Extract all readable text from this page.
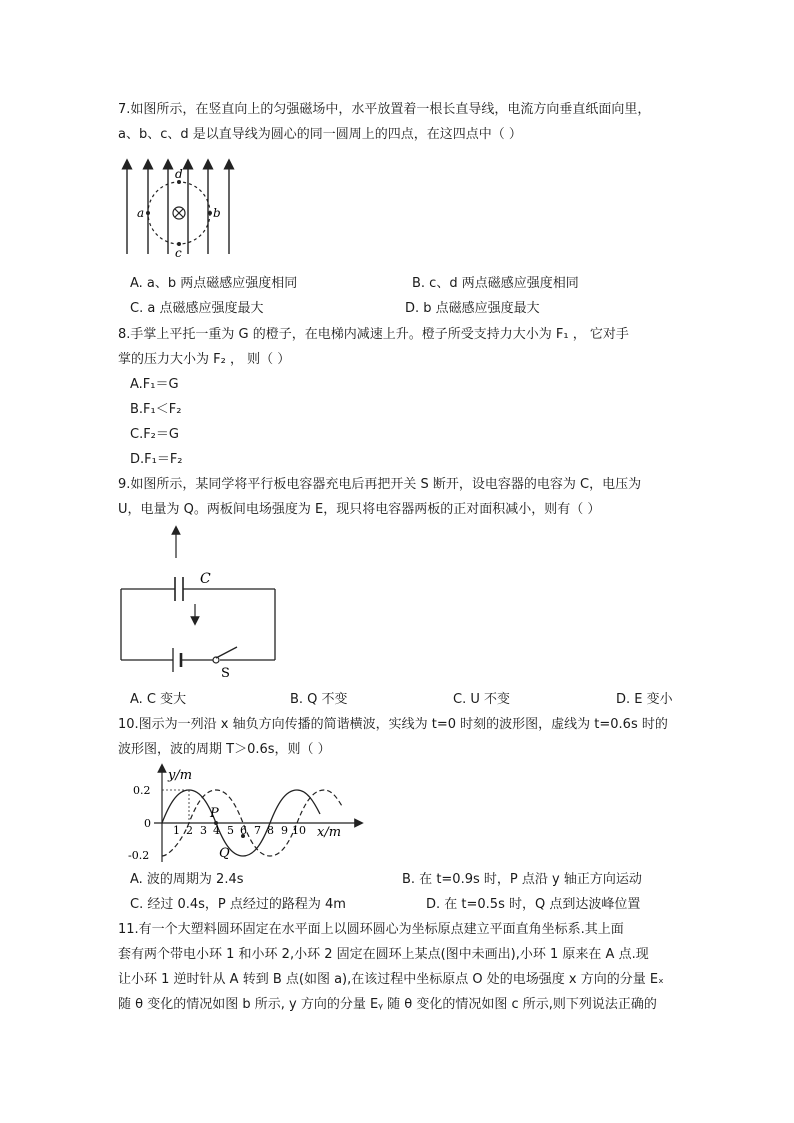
7.如图所示，在竖直向上的匀强磁场中，水平放置着一根长直导线，电流方向垂直纸面向里，
a、b、c、d 是以直导线为圆心的同一圆周上的四点，在这四点中（ ）
a	b
c
d
A. a、b 两点磁感应强度相同	B. c、d 两点磁感应强度相同
C. a 点磁感应强度最大	D. b 点磁感应强度最大
8.手掌上平托一重为 G 的橙子，在电梯内减速上升。橙子所受支持力大小为 F₁ ， 它对手
掌的压力大小为 F₂ ， 则（ ）
A.F₁＝G
B.F₁＜F₂
C.F₂＝G
D.F₁＝F₂
9.如图所示，某同学将平行板电容器充电后再把开关 S 断开，设电容器的电容为 C，电压为
U，电量为 Q。两板间电场强度为 E，现只将电容器两板的正对面积减小，则有（ ）
C
S
A. C 变大	B. Q 不变	C. U 不变	D. E 变小
10.图示为一列沿 x 轴负方向传播的简谐横波，实线为 t=0 时刻的波形图，虚线为 t=0.6s 时的
波形图，波的周期 T＞0.6s，则（ ）
y/m
x/m
0.2
0
-0.2
1 2 3 4 5 6 7 8 9 10
P
Q
A. 波的周期为 2.4s	B. 在 t=0.9s 时，P 点沿 y 轴正方向运动
C. 经过 0.4s，P 点经过的路程为 4m	D. 在 t=0.5s 时，Q 点到达波峰位置
11.有一个大塑料圆环固定在水平面上以圆环圆心为坐标原点建立平面直角坐标系.其上面
套有两个带电小环 1 和小环 2,小环 2 固定在圆环上某点(图中未画出),小环 1 原来在 A 点.现
让小环 1 逆时针从 A 转到 B 点(如图 a),在该过程中坐标原点 O 处的电场强度 x 方向的分量 Eₓ
随 θ 变化的情况如图 b 所示, y 方向的分量 Eᵧ 随 θ 变化的情况如图 c 所示,则下列说法正确的
